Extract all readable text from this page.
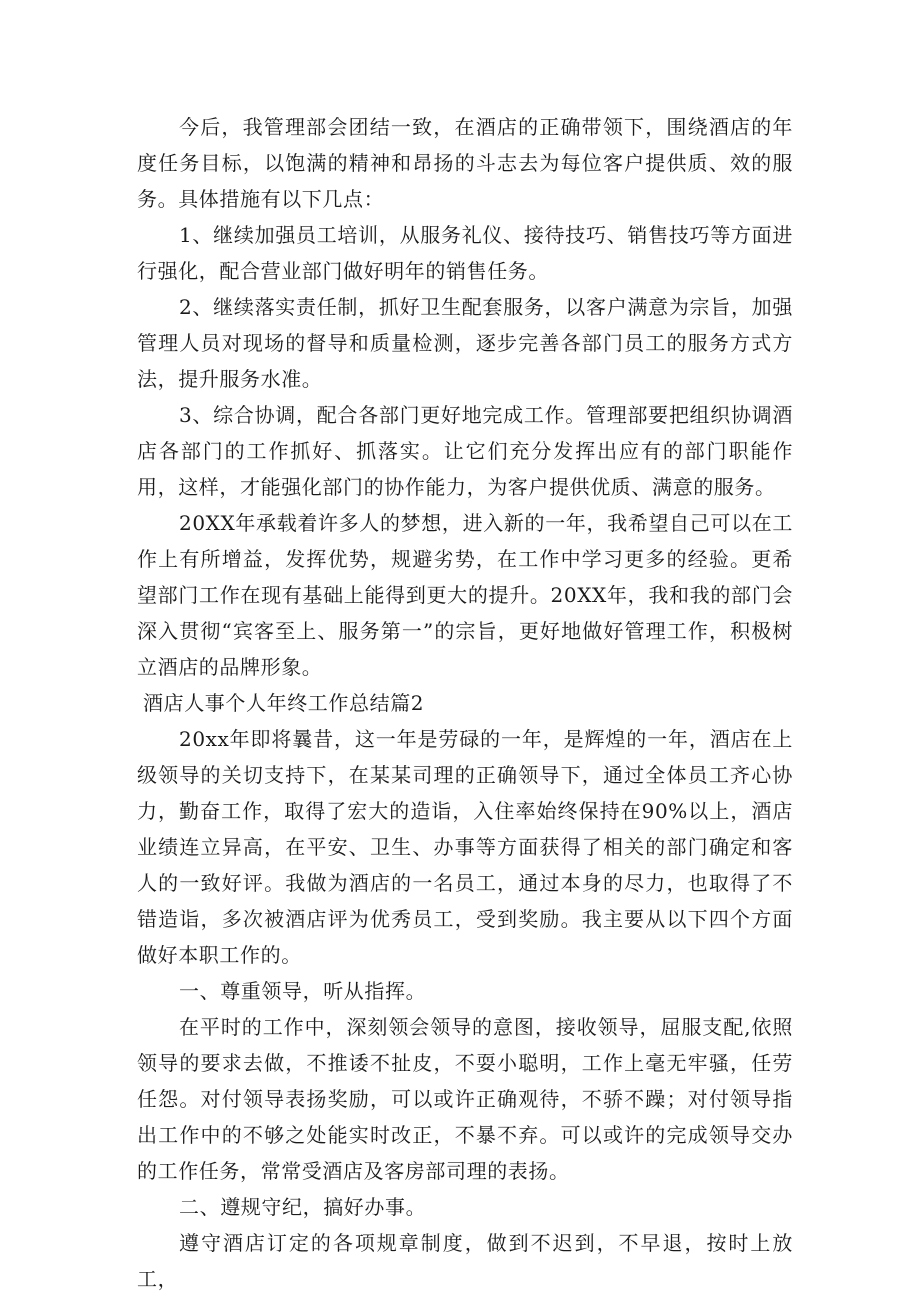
今后，我管理部会团结一致，在酒店的正确带领下，围绕酒店的年度任务目标，以饱满的精神和昂扬的斗志去为每位客户提供质、效的服务。具体措施有以下几点：

1、继续加强员工培训，从服务礼仪、接待技巧、销售技巧等方面进行强化，配合营业部门做好明年的销售任务。

2、继续落实责任制，抓好卫生配套服务，以客户满意为宗旨，加强管理人员对现场的督导和质量检测，逐步完善各部门员工的服务方式方法，提升服务水准。

3、综合协调，配合各部门更好地完成工作。管理部要把组织协调酒店各部门的工作抓好、抓落实。让它们充分发挥出应有的部门职能作用，这样，才能强化部门的协作能力，为客户提供优质、满意的服务。

20XX年承载着许多人的梦想，进入新的一年，我希望自己可以在工作上有所增益，发挥优势，规避劣势，在工作中学习更多的经验。更希望部门工作在现有基础上能得到更大的提升。20XX年，我和我的部门会深入贯彻“宾客至上、服务第一”的宗旨，更好地做好管理工作，积极树立酒店的品牌形象。

酒店人事个人年终工作总结篇2

20xx年即将曩昔，这一年是劳碌的一年，是辉煌的一年，酒店在上级领导的关切支持下，在某某司理的正确领导下，通过全体员工齐心协力，勤奋工作，取得了宏大的造诣，入住率始终保持在90%以上，酒店业绩连立异高，在平安、卫生、办事等方面获得了相关的部门确定和客人的一致好评。我做为酒店的一名员工，通过本身的尽力，也取得了不错造诣，多次被酒店评为优秀员工，受到奖励。我主要从以下四个方面做好本职工作的。

一、尊重领导，听从指挥。

在平时的工作中，深刻领会领导的意图，接收领导，屈服支配,依照领导的要求去做，不推诿不扯皮，不耍小聪明，工作上毫无牢骚，任劳任怨。对付领导表扬奖励，可以或许正确观待，不骄不躁；对付领导指出工作中的不够之处能实时改正，不暴不弃。可以或许的完成领导交办的工作任务，常常受酒店及客房部司理的表扬。

二、遵规守纪，搞好办事。

遵守酒店订定的各项规章制度，做到不迟到，不早退，按时上放工，
